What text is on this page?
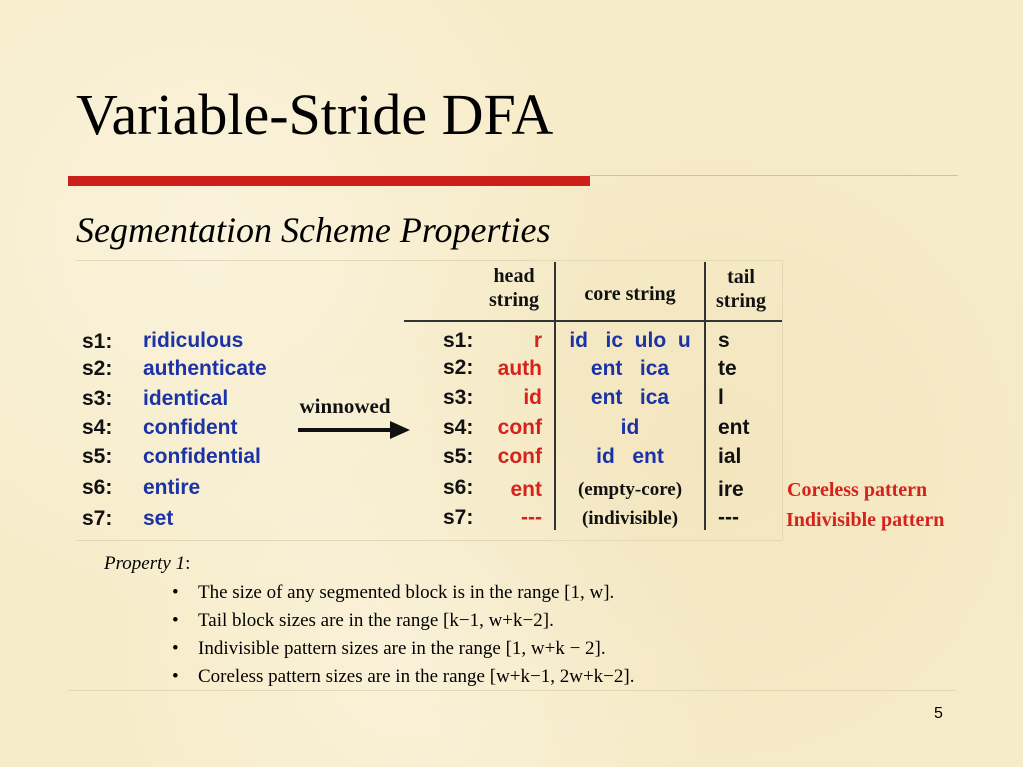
Variable-Stride DFA
Segmentation Scheme Properties
s1:
s2:
s3:
s4:
s5:
s6:
s7:
ridiculous
authenticate
identical
confident
confidential
entire
set
winnowed
head
string	core string
tail
string
s1:
s2:
s3:
s4:
s5:
s6:
s7:
r
auth
id
conf
conf
ent
---
id   ic  ulo  u
ent   ica
ent   ica
id
id   ent
(empty-core)
(indivisible)
s
te
l
ent
ial
ire
---
Coreless pattern
Indivisible pattern
Property 1:
• The size of any segmented block is in the range [1, w].
• Tail block sizes are in the range [k−1, w+k−2].
• Indivisible pattern sizes are in the range [1, w+k − 2].
• Coreless pattern sizes are in the range [w+k−1, 2w+k−2].
5
